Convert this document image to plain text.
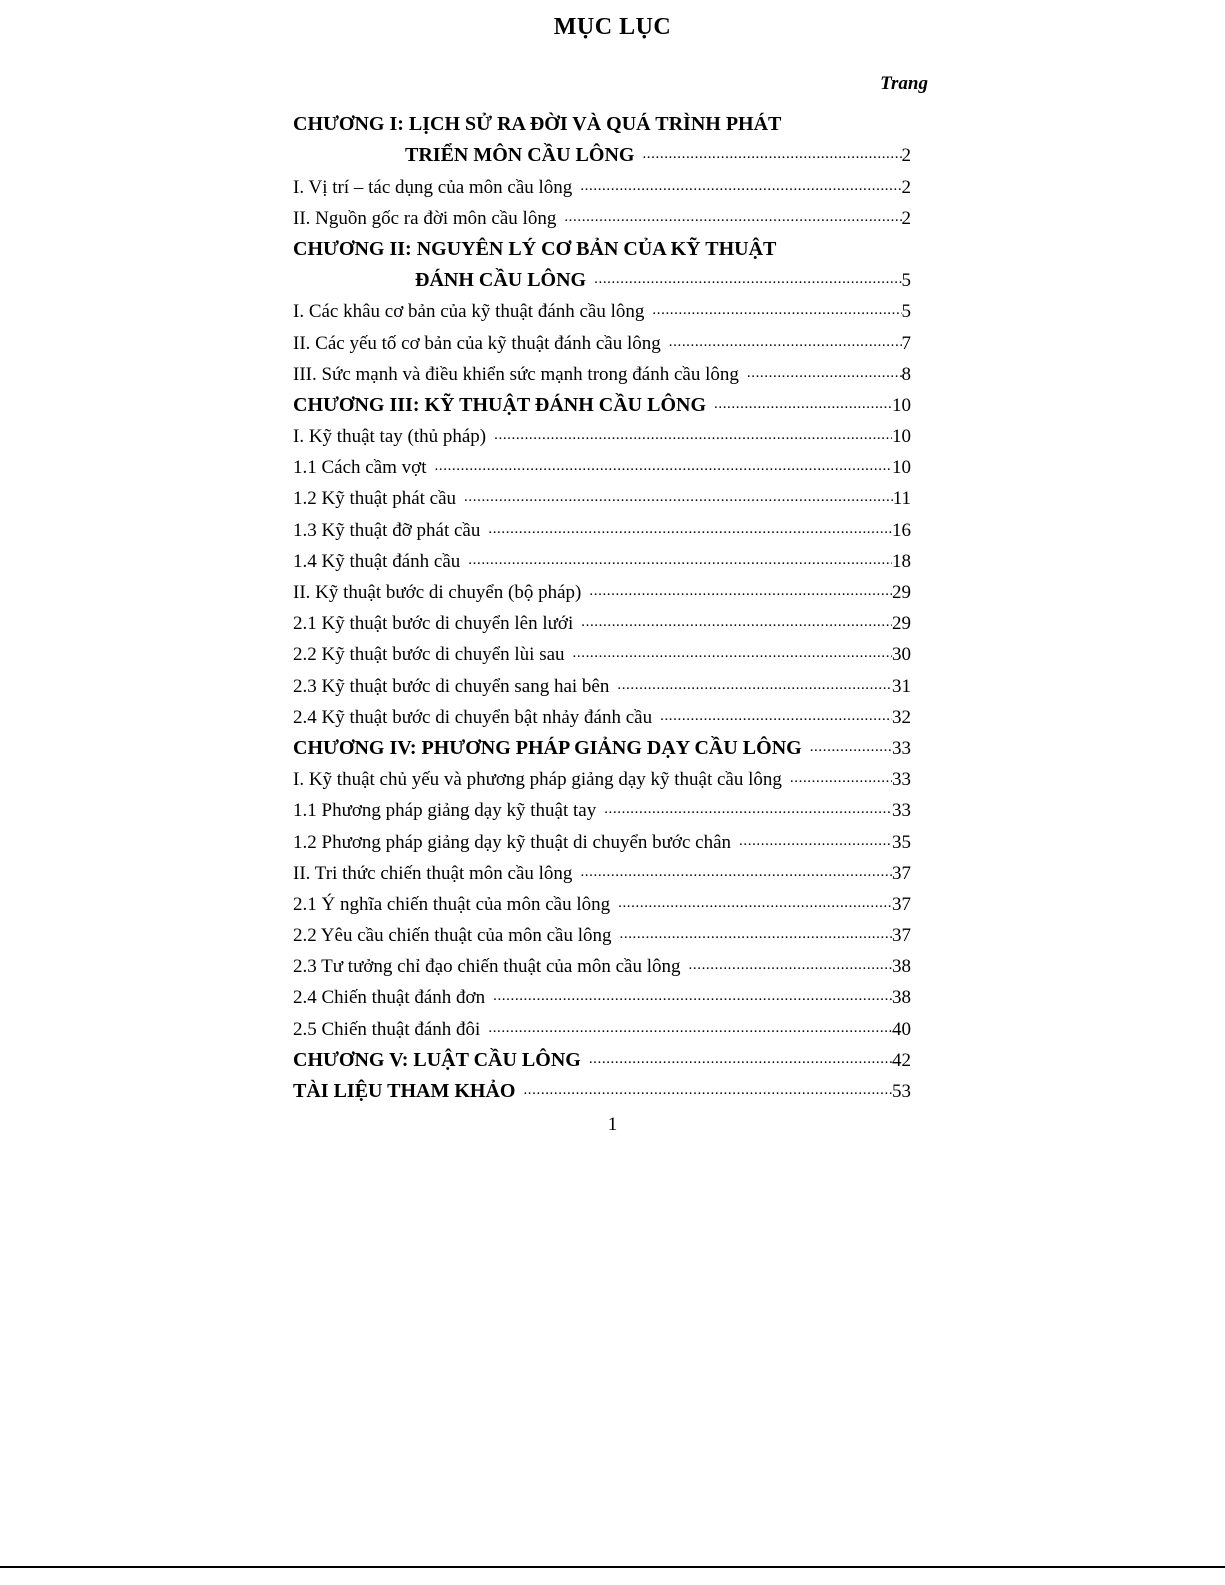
MỤC LỤC
Trang
CHƯƠNG I: LỊCH SỬ RA ĐỜI VÀ QUÁ TRÌNH PHÁT
TRIỂN MÔN CẦU LÔNG .....	2
I. Vị trí – tác dụng của môn cầu lông .....	2
II. Nguồn gốc ra đời môn cầu lông .....	2
CHƯƠNG II: NGUYÊN LÝ CƠ BẢN CỦA KỸ THUẬT
ĐÁNH CẦU LÔNG .....	5
I. Các khâu cơ bản của kỹ thuật đánh cầu lông .....	5
II. Các yếu tố cơ bản của kỹ thuật đánh cầu lông .....	7
III. Sức mạnh và điều khiển sức mạnh trong đánh cầu lông .....	8
CHƯƠNG III: KỸ THUẬT ĐÁNH CẦU LÔNG .....	10
I. Kỹ thuật tay (thủ pháp) .....	10
1.1 Cách cầm vợt .....	10
1.2 Kỹ thuật phát cầu .....	11
1.3 Kỹ thuật đỡ phát cầu .....	16
1.4 Kỹ thuật đánh cầu .....	18
II. Kỹ thuật bước di chuyển (bộ pháp) .....	29
2.1 Kỹ thuật bước di chuyển lên lưới .....	29
2.2 Kỹ thuật bước di chuyển lùi sau .....	30
2.3 Kỹ thuật bước di chuyển sang hai bên .....	31
2.4 Kỹ thuật bước di chuyển bật nhảy đánh cầu .....	32
CHƯƠNG IV: PHƯƠNG PHÁP GIẢNG DẠY CẦU LÔNG .....	33
I. Kỹ thuật chủ yếu và phương pháp giảng dạy kỹ thuật cầu lông .....	33
1.1 Phương pháp giảng dạy kỹ thuật tay .....	33
1.2 Phương pháp giảng dạy kỹ thuật di chuyển bước chân .....	35
II. Tri thức chiến thuật môn cầu lông .....	37
2.1 Ý nghĩa chiến thuật của môn cầu lông .....	37
2.2 Yêu cầu chiến thuật của môn cầu lông .....	37
2.3 Tư tưởng chỉ đạo chiến thuật của môn cầu lông .....	38
2.4 Chiến thuật đánh đơn .....	38
2.5 Chiến thuật đánh đôi .....	40
CHƯƠNG V: LUẬT CẦU LÔNG .....	42
TÀI LIỆU THAM KHẢO .....	53
1
